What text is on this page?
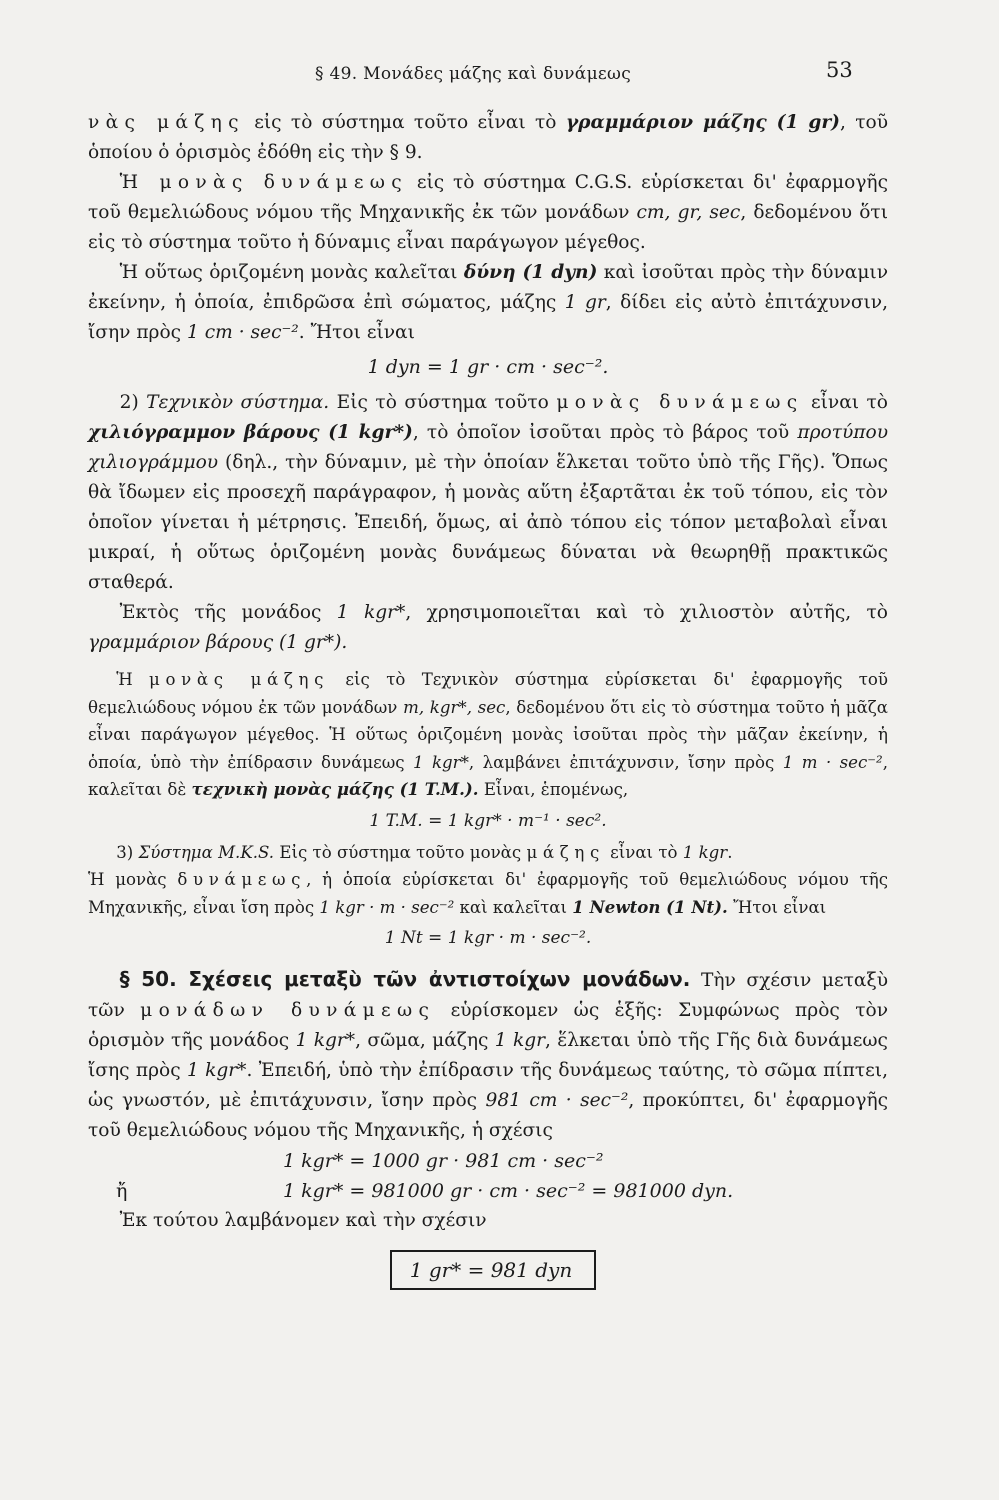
§ 49. Μονάδες μάζης καὶ δυνάμεως	53

νὰς μάζης εἰς τὸ σύστημα τοῦτο εἶναι τὸ γραμμάριον μάζης (1 gr), τοῦ ὁποίου ὁ ὁρισμὸς ἐδόθη εἰς τὴν § 9.

Ἡ μονὰς δυνάμεως εἰς τὸ σύστημα C.G.S. εὑρίσκεται δι' ἐφαρμογῆς τοῦ θεμελιώδους νόμου τῆς Μηχανικῆς ἐκ τῶν μονάδων cm, gr, sec, δεδομένου ὅτι εἰς τὸ σύστημα τοῦτο ἡ δύναμις εἶναι παράγωγον μέγεθος.

Ἡ οὕτως ὁριζομένη μονὰς καλεῖται δύνη (1 dyn) καὶ ἰσοῦται πρὸς τὴν δύναμιν ἐκείνην, ἡ ὁποία, ἐπιδρῶσα ἐπὶ σώματος, μάζης 1 gr, δίδει εἰς αὐτὸ ἐπιτάχυνσιν, ἴσην πρὸς 1 cm · sec⁻². Ἤτοι εἶναι

1 dyn = 1 gr · cm · sec⁻².

2) Τεχνικὸν σύστημα. Εἰς τὸ σύστημα τοῦτο μονὰς δυνάμεως εἶναι τὸ χιλιόγραμμον βάρους (1 kgr*), τὸ ὁποῖον ἰσοῦται πρὸς τὸ βάρος τοῦ προτύπου χιλιογράμμου (δηλ., τὴν δύναμιν, μὲ τὴν ὁποίαν ἕλκεται τοῦτο ὑπὸ τῆς Γῆς). Ὅπως θὰ ἴδωμεν εἰς προσεχῆ παράγραφον, ἡ μονὰς αὕτη ἐξαρτᾶται ἐκ τοῦ τόπου, εἰς τὸν ὁποῖον γίνεται ἡ μέτρησις. Ἐπειδή, ὅμως, αἱ ἀπὸ τόπου εἰς τόπον μεταβολαὶ εἶναι μικραί, ἡ οὕτως ὁριζομένη μονὰς δυνάμεως δύναται νὰ θεωρηθῇ πρακτικῶς σταθερά.

Ἐκτὸς τῆς μονάδος 1 kgr*, χρησιμοποιεῖται καὶ τὸ χιλιοστὸν αὐτῆς, τὸ γραμμάριον βάρους (1 gr*).

Ἡ μονὰς μάζης εἰς τὸ Τεχνικὸν σύστημα εὑρίσκεται δι' ἐφαρμογῆς τοῦ θεμελιώδους νόμου ἐκ τῶν μονάδων m, kgr*, sec, δεδομένου ὅτι εἰς τὸ σύστημα τοῦτο ἡ μᾶζα εἶναι παράγωγον μέγεθος. Ἡ οὕτως ὁριζομένη μονὰς ἰσοῦται πρὸς τὴν μᾶζαν ἐκείνην, ἡ ὁποία, ὑπὸ τὴν ἐπίδρασιν δυνάμεως 1 kgr*, λαμβάνει ἐπιτάχυνσιν, ἴσην πρὸς 1 m · sec⁻², καλεῖται δὲ τεχνικὴ μονὰς μάζης (1 T.M.). Εἶναι, ἑπομένως,

1 T.M. = 1 kgr* · m⁻¹ · sec².

3) Σύστημα M.K.S. Εἰς τὸ σύστημα τοῦτο μονὰς μάζης εἶναι τὸ 1 kgr.

Ἡ μονὰς δυνάμεως, ἡ ὁποία εὑρίσκεται δι' ἐφαρμογῆς τοῦ θεμελιώδους νόμου τῆς Μηχανικῆς, εἶναι ἴση πρὸς 1 kgr · m · sec⁻² καὶ καλεῖται 1 Newton (1 Nt). Ἤτοι εἶναι

1 Nt = 1 kgr · m · sec⁻².

§ 50. Σχέσεις μεταξὺ τῶν ἀντιστοίχων μονάδων. Τὴν σχέσιν μεταξὺ τῶν μονάδων δυνάμεως εὑρίσκομεν ὡς ἑξῆς: Συμφώνως πρὸς τὸν ὁρισμὸν τῆς μονάδος 1 kgr*, σῶμα, μάζης 1 kgr, ἕλκεται ὑπὸ τῆς Γῆς διὰ δυνάμεως ἴσης πρὸς 1 kgr*. Ἐπειδή, ὑπὸ τὴν ἐπίδρασιν τῆς δυνάμεως ταύτης, τὸ σῶμα πίπτει, ὡς γνωστόν, μὲ ἐπιτάχυνσιν, ἴσην πρὸς 981 cm · sec⁻², προκύπτει, δι' ἐφαρμογῆς τοῦ θεμελιώδους νόμου τῆς Μηχανικῆς, ἡ σχέσις

1 kgr* = 1000 gr · 981 cm · sec⁻²
ἤ	1 kgr* = 981000 gr · cm · sec⁻² = 981000 dyn.

Ἐκ τούτου λαμβάνομεν καὶ τὴν σχέσιν

1 gr* = 981 dyn
